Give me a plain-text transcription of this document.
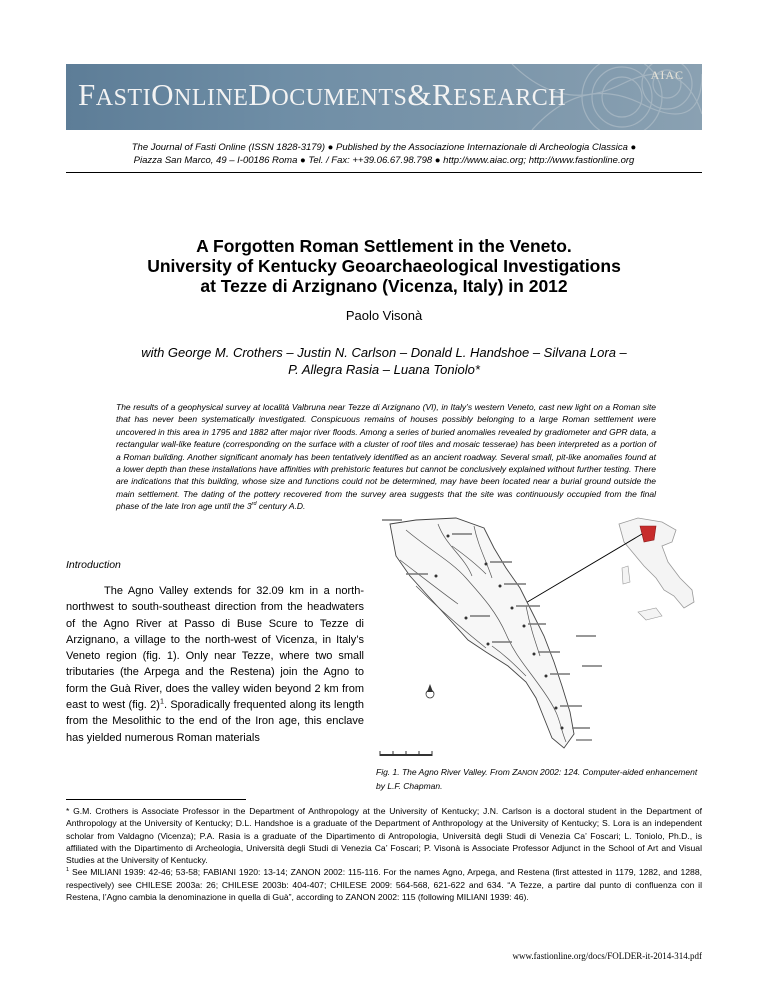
FASTIONLINEDOCUMENTS&RESEARCH
AIAC
The Journal of Fasti Online (ISSN 1828-3179) ● Published by the Associazione Internazionale di Archeologia Classica ●
Piazza San Marco, 49 – I-00186 Roma ● Tel. / Fax: ++39.06.67.98.798 ● http://www.aiac.org; http://www.fastionline.org
A Forgotten Roman Settlement in the Veneto.
University of Kentucky Geoarchaeological Investigations
at Tezze di Arzignano (Vicenza, Italy) in 2012
Paolo Visonà
with George M. Crothers – Justin N. Carlson – Donald L. Handshoe – Silvana Lora –
P. Allegra Rasia – Luana Toniolo*
The results of a geophysical survey at località Valbruna near Tezze di Arzignano (VI), in Italy’s western Veneto, cast new light on a Roman site that has never been systematically investigated. Conspicuous remains of houses possibly belonging to a large Roman settlement were uncovered in this area in 1795 and 1882 after major river floods. Among a series of buried anomalies revealed by gradiometer and GPR data, a rectangular wall-like feature (corresponding on the surface with a cluster of roof tiles and mosaic tesserae) has been interpreted as a portion of a Roman building. Another significant anomaly has been tentatively identified as an ancient roadway. Several small, pit-like anomalies found at a lower depth than these installations have affinities with prehistoric features but cannot be conclusively explained without further testing. There are indications that this building, whose size and functions could not be determined, may have been located near a burial ground outside the main settlement. The dating of the pottery recovered from the survey area suggests that the site was continuously occupied from the final phase of the late Iron age until the 3rd century A.D.
Introduction
The Agno Valley extends for 32.09 km in a north-northwest to south-southeast direction from the headwaters of the Agno River at Passo di Buse Scure to Tezze di Arzignano, a village to the north-west of Vicenza, in Italy’s Veneto region (fig. 1). Only near Tezze, where two small tributaries (the Arpega and the Restena) join the Agno to form the Guà River, does the valley widen beyond 2 km from east to west (fig. 2)$^1$. Sporadically frequented along its length from the Mesolithic to the end of the Iron age, this enclave has yielded numerous Roman materials
Fig. 1. The Agno River Valley. From ZANON 2002: 124. Computer-aided enhancement by L.F. Chapman.

* G.M. Crothers is Associate Professor in the Department of Anthropology at the University of Kentucky; J.N. Carlson is a doctoral student in the Department of Anthropology at the University of Kentucky; D.L. Handshoe is a graduate of the Department of Anthropology at the University of Kentucky; S. Lora is an independent scholar from Valdagno (Vicenza); P.A. Rasia is a graduate of the Dipartimento di Antropologia, Università degli Studi di Venezia Ca’ Foscari; L. Toniolo, Ph.D., is affiliated with the Dipartimento di Archeologia, Università degli Studi di Venezia Ca’ Foscari; P. Visonà is Associate Professor Adjunct in the School of Art and Visual Studies at the University of Kentucky.

$^1$ See MILIANI 1939: 42-46; 53-58; FABIANI 1920: 13-14; ZANON 2002: 115-116. For the names Agno, Arpega, and Restena (first attested in 1179, 1282, and 1288, respectively) see CHILESE 2003a: 26; CHILESE 2003b: 404-407; CHILESE 2009: 564-568, 621-622 and 634. “A Tezze, a partire dal punto di confluenza con il Restena, l’Agno cambia la denominazione in quella di Guà”, according to ZANON 2002: 115 (following MILIANI 1939: 46).

www.fastionline.org/docs/FOLDER-it-2014-314.pdf
